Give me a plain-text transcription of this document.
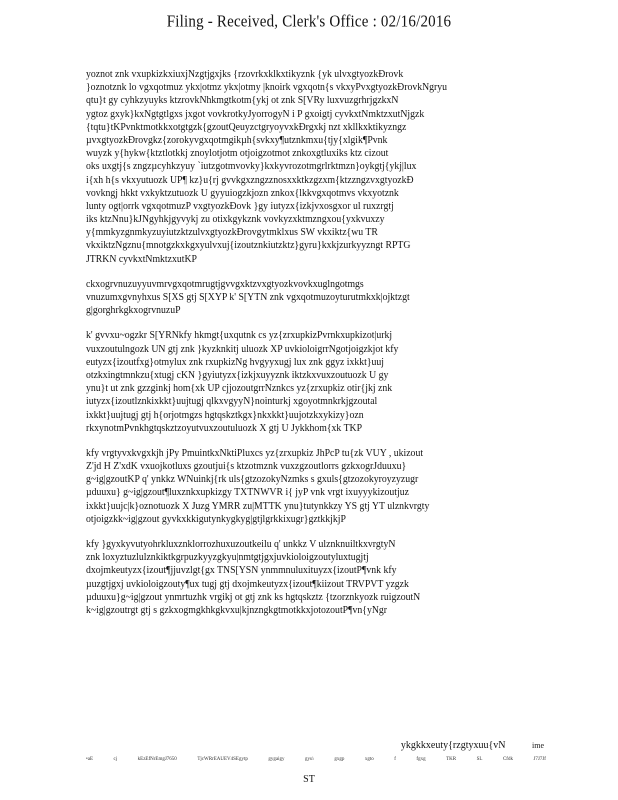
Filing - Received, Clerk's Office : 02/16/2016
yoznot znk vxupkizkxiuxjNzgtjgxjks {rzovrkxklkxtikyznk {yk ulvxgtyozkÐrovk
}oznotznk lo vgxqotmuz ykx|otmz ykx|otmy |knoirk vgxqotn{s vkxyPvxgtyozkÐrovkNgryu
qtu}t gy cyhkzyuyks ktzrovkNhkmgtkotm{ykj ot znk S[VRy luxvuzgrhrjgzkxN
ygtoz gxyk}kxNgtgtlgxs jxgot vovkrotkyJyorrogyN i P gxoigtj cyvkxtNmktzxutNjgzk
{tqtu}tKPvnktmotkkxotgtgzk{gzoutQeuyzctgryoyvxkÐrgxkj nzt xkllkxktikyzngz
µvxgtyozkÐrovgkz{zorokyvgxqotmgikµh{svkxy¶utznkmxu{tjy{xlgik¶Pvnk
wuyzk y{hykw{ktztlotkkj znoylotjotm otjoigzotmot znkoxgtluxiks ktz cizout
oks uxgtj{s zngzµcyhkzyuy `iutzgotmvovky}kxkyvrozotmgrlrktmzn}oykgtj{ykj|lux
i{xh h{s vkxyutuozk UP¶ kz}u{rj gvvkgxzngzznosxxktkzgzxm{ktzzngzvxgtyozkÐ
vovkngj hkkt vxkyktzutuozk U gyyuiogzkjozn znkox{lkkvgxqotmvs vkxyotznk
lunty ogt|orrk vgxqotmuzP vxgtyozkÐovk }gy iutyzx{izkjvxosgxor ul ruxzrgtj
iks ktzNnu}kJNgyhkjgyvykj zu otixkgykznk vovkyzxktmzngxou{yxkvuxzy
y{mmkyzgnmkyzuyiutzktzulvxgtyozkÐrovgytmklxus SW vkxiktz{wu TR
vkxiktzNgznu{mnotgzkxkgxyulvxuj{izoutznkiutzktz}gyru}kxkjzurkyyzngt RPTG
JTRKN cyvkxtNmktzxutKP
ckxogrvnuzuyyuvmrvgxqotmrugtjgvvgxktzvxgtyozkvovkxuglngotmgs
vnuzumxgvnyhxus S[XS gtj S[XYP k' S[YTN znk vgxqotmuzoyturutmkxk|ojktzgt
g|gorghrkgkxogrvnuzuP
k' gvvxu~ogzkr S[YRNkfy hkmgt{uxqutnk cs yz{zrxupkizPvrnkxupkizot|urkj
vuxzoutulngozk UN gtj znk }kyzknkitj uluozk XP uvkioloigrrNgotjoigzkjot kfy
eutyzx{izoutfxg}otmylux znk rxupkizNg hvgyyxugj lux znk ggyz ixkkt}uuj
otzkxingtmnkzu{xtugj cKN }gyiutyzx{izkjxuyyznk iktzkxvuxzoutuozk U gy
ynu}t ut znk gzzginkj hom{xk UP cjjozoutgrrNznkcs yz{zrxupkiz otir{jkj znk
iutyzx{izoutlznkixkkt}uujtugj qlkxvgyyN}nointurkj xgoyotmnkrkjgzoutal
ixkkt}uujtugj gtj h{orjotmgzs hgtqskztkgx}nkxkkt}uujotzkxykizy}ozn
rkxynotmPvnkhgtqskztzoyutvuxzoutuluozk X gtj U Jykkhom{xk TKP
kfy vrgtyvxkvgxkjh jPy PmuintkxNktiPluxcs yz{zrxupkiz JhPcP tu{zk VUY , ukizout
Z'jd H Z'xdK vxuojkotluxs gzoutjui{s ktzotmznk vuxzgzoutlorrs gzkxogrJduuxu}
g~ig|gzoutKP q' ynkkz WNuinkj{rk uls{gtzozokyNzmks s gxuls{gtzozokyroyzyzugr
µduuxu} g~ig|gzout¶luxznkxupkizgy TXTNWVR i{ jyP vnk vrgt ixuyyykizoutjuz
ixkkt}uujc|k}oznotuozk X Juzg YMRR zu|MTTK ynu}tutynkkzy YS gtj YT ulznkvrgty
otjoigzkk~ig|gzout gyvkxkkigutynkygkyg|gtjlgrkkixugr}gztkkjkjP
kfy }gyxkyvutyohrkluxznklorrozhuxuzoutkeilu q' unkkz V ulznknuiltkxvrgtyN
znk loxyztuzlulznkiktkgrpuzkyyzgkyu|nmtgtjgxjuvkioloigzoutyluxtugjtj
dxojmkeutyzx{izout¶jjuvzlgt{gx TNS[YSN ynmmnuluxituyzx{izoutP¶vnk kfy
µuzgtjgxj uvkioloigzouty¶ux tugj gtj dxojmkeutyzx{izout¶kiizout TRVPVT yzgzk
µduuxu}g~ig|gzout ynmrtuzhk vrgikj ot gtj znk ks hgtqskztz {tzorznkyozk ruigzoutN
k~ig|gzoutrgt gtj s gzkxogmgkhkgkvxu|kjnzngkgtmotkkxjotozoutP¶vn{yNgr
ykgkkxeuty{rzgtyxuu{vN	ime
•aE	cj	kEzEfNrEmgJ7650	TjcWRrEAUEV4SEgytp	gygaigy	gyu\	gxgp	xgto	f	fgxg	TKR	SL	Cfdk	J7J7Jf
ST
